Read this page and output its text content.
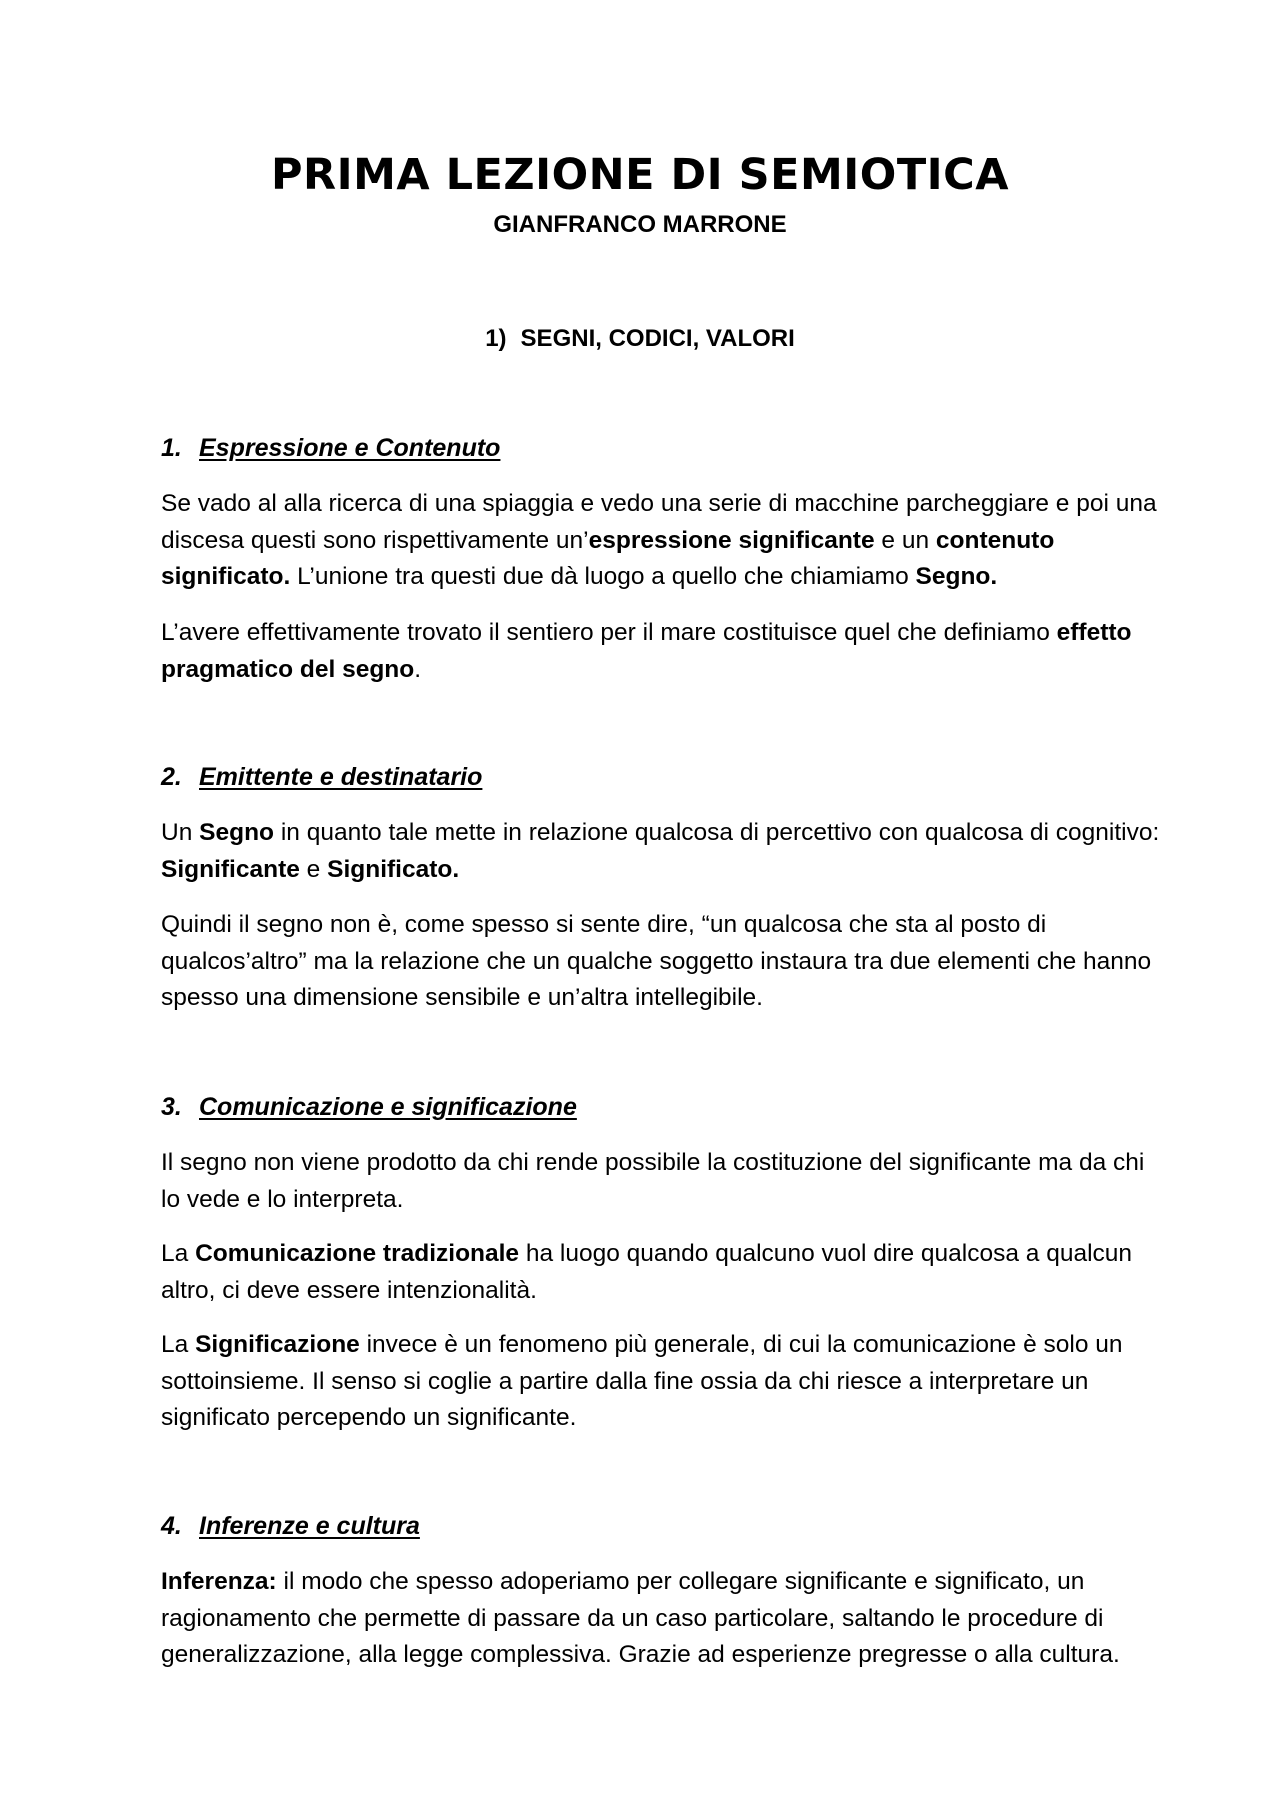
PRIMA LEZIONE DI SEMIOTICA
GIANFRANCO MARRONE
1) SEGNI, CODICI, VALORI
1. Espressione e Contenuto

Se vado al alla ricerca di una spiaggia e vedo una serie di macchine parcheggiare e poi una discesa questi sono rispettivamente un’espressione significante e un contenuto significato. L’unione tra questi due dà luogo a quello che chiamiamo Segno.

L’avere effettivamente trovato il sentiero per il mare costituisce quel che definiamo effetto pragmatico del segno.

2. Emittente e destinatario

Un Segno in quanto tale mette in relazione qualcosa di percettivo con qualcosa di cognitivo: Significante e Significato.

Quindi il segno non è, come spesso si sente dire, “un qualcosa che sta al posto di qualcos’altro” ma la relazione che un qualche soggetto instaura tra due elementi che hanno spesso una dimensione sensibile e un’altra intellegibile.

3. Comunicazione e significazione

Il segno non viene prodotto da chi rende possibile la costituzione del significante ma da chi lo vede e lo interpreta.

La Comunicazione tradizionale ha luogo quando qualcuno vuol dire qualcosa a qualcun altro, ci deve essere intenzionalità.

La Significazione invece è un fenomeno più generale, di cui la comunicazione è solo un sottoinsieme. Il senso si coglie a partire dalla fine ossia da chi riesce a interpretare un significato percependo un significante.

4. Inferenze e cultura

Inferenza: il modo che spesso adoperiamo per collegare significante e significato, un ragionamento che permette di passare da un caso particolare, saltando le procedure di generalizzazione, alla legge complessiva. Grazie ad esperienze pregresse o alla cultura.
